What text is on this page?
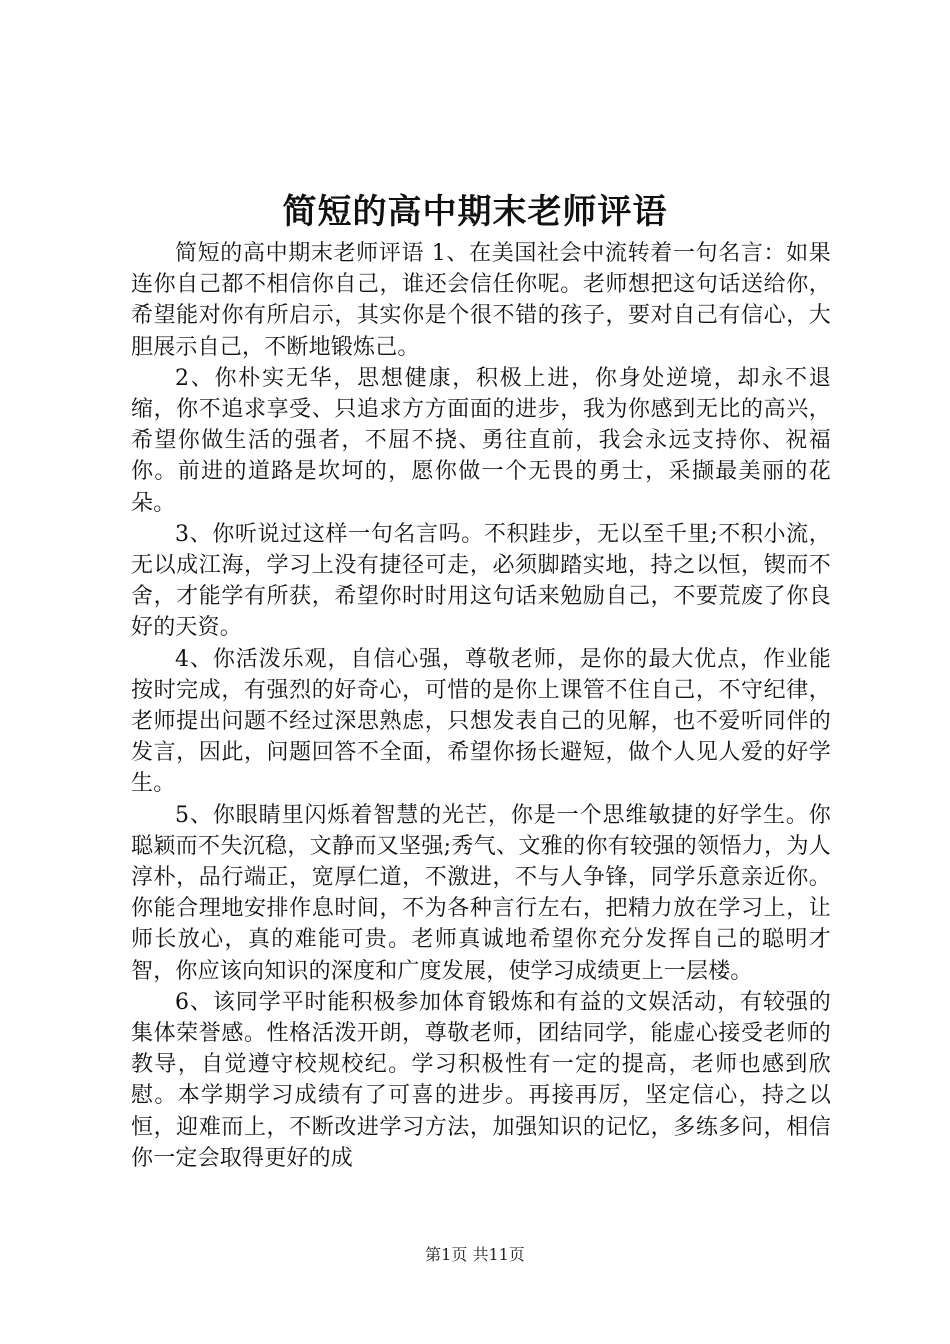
简短的高中期末老师评语

简短的高中期末老师评语 1、在美国社会中流转着一句名言：如果连你自己都不相信你自己，谁还会信任你呢。老师想把这句话送给你，希望能对你有所启示，其实你是个很不错的孩子，要对自己有信心，大胆展示自己，不断地锻炼己。

2、你朴实无华，思想健康，积极上进，你身处逆境，却永不退缩，你不追求享受、只追求方方面面的进步，我为你感到无比的高兴，希望你做生活的强者，不屈不挠、勇往直前，我会永远支持你、祝福你。前进的道路是坎坷的，愿你做一个无畏的勇士，采撷最美丽的花朵。

3、你听说过这样一句名言吗。不积跬步，无以至千里;不积小流，无以成江海，学习上没有捷径可走，必须脚踏实地，持之以恒，锲而不舍，才能学有所获，希望你时时用这句话来勉励自己，不要荒废了你良好的天资。

4、你活泼乐观，自信心强，尊敬老师，是你的最大优点，作业能按时完成，有强烈的好奇心，可惜的是你上课管不住自己，不守纪律，老师提出问题不经过深思熟虑，只想发表自己的见解，也不爱听同伴的发言，因此，问题回答不全面，希望你扬长避短，做个人见人爱的好学生。

5、你眼睛里闪烁着智慧的光芒，你是一个思维敏捷的好学生。你聪颖而不失沉稳，文静而又坚强;秀气、文雅的你有较强的领悟力，为人淳朴，品行端正，宽厚仁道，不激进，不与人争锋，同学乐意亲近你。你能合理地安排作息时间，不为各种言行左右，把精力放在学习上，让师长放心，真的难能可贵。老师真诚地希望你充分发挥自己的聪明才智，你应该向知识的深度和广度发展，使学习成绩更上一层楼。

6、该同学平时能积极参加体育锻炼和有益的文娱活动，有较强的集体荣誉感。性格活泼开朗，尊敬老师，团结同学，能虚心接受老师的教导，自觉遵守校规校纪。学习积极性有一定的提高，老师也感到欣慰。本学期学习成绩有了可喜的进步。再接再厉，坚定信心，持之以恒，迎难而上，不断改进学习方法，加强知识的记忆，多练多问，相信你一定会取得更好的成

第1页 共11页
